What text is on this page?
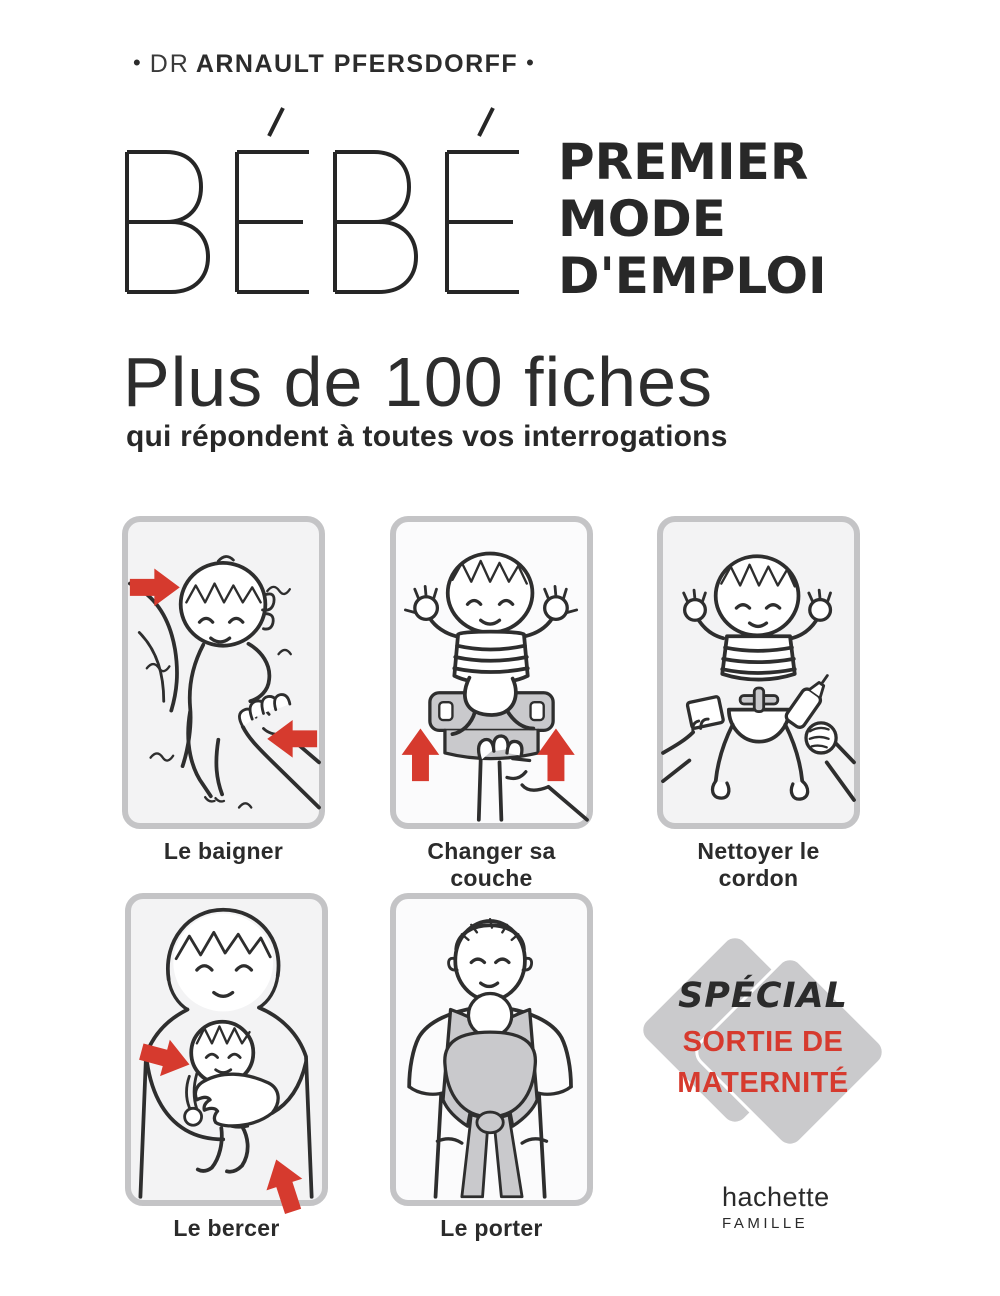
• DR ARNAULT PFERSDORFF •
PREMIER
MODE
D'EMPLOI
Plus de 100 fiches
qui répondent à toutes vos interrogations
Le baigner	Changer sa couche
Nettoyer le cordon
Le bercer	Le porter
SPÉCIAL
SORTIE DE
MATERNITÉ
hachette
FAMILLE
